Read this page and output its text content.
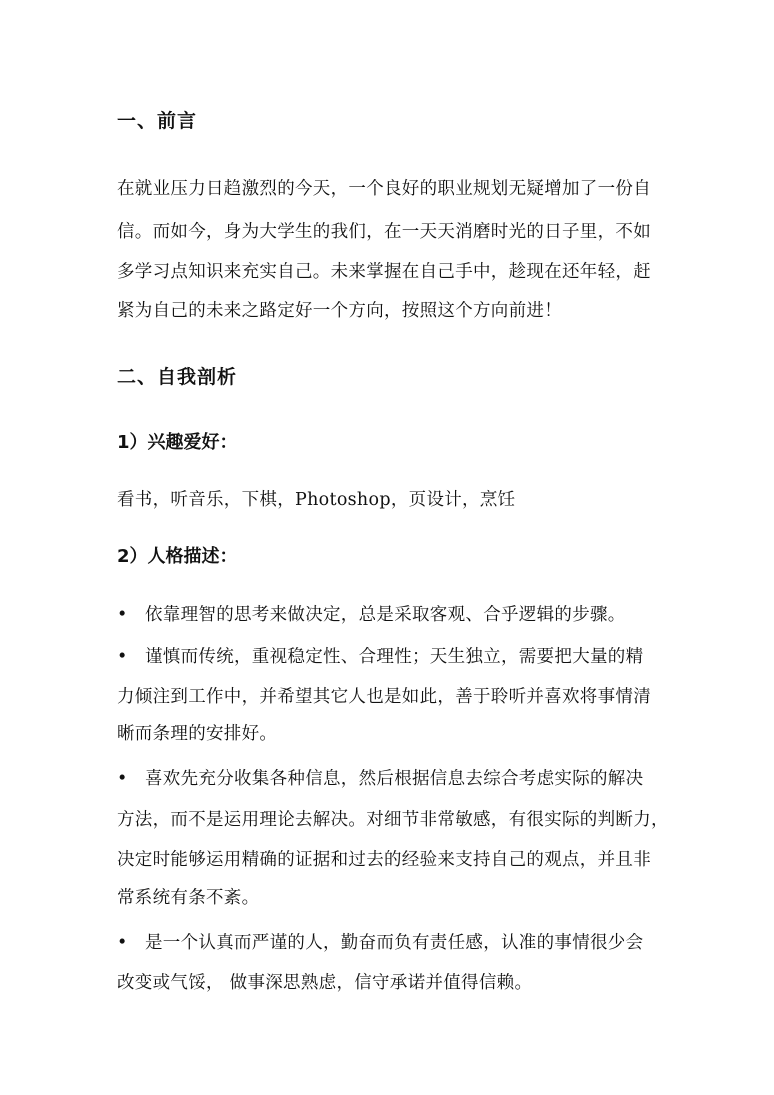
一、前言
在就业压力日趋激烈的今天，一个良好的职业规划无疑增加了一份自
信。而如今，身为大学生的我们，在一天天消磨时光的日子里，不如
多学习点知识来充实自己。未来掌握在自己手中，趁现在还年轻，赶
紧为自己的未来之路定好一个方向，按照这个方向前进！
二、自我剖析
1）兴趣爱好：
看书，听音乐，下棋，Photoshop，页设计，烹饪
2）人格描述：
• 依靠理智的思考来做决定，总是采取客观、合乎逻辑的步骤。
• 谨慎而传统，重视稳定性、合理性；天生独立，需要把大量的精
力倾注到工作中，并希望其它人也是如此，善于聆听并喜欢将事情清
晰而条理的安排好。
• 喜欢先充分收集各种信息，然后根据信息去综合考虑实际的解决
方法，而不是运用理论去解决。对细节非常敏感，有很实际的判断力，
决定时能够运用精确的证据和过去的经验来支持自己的观点，并且非
常系统有条不紊。
• 是一个认真而严谨的人，勤奋而负有责任感，认准的事情很少会
改变或气馁， 做事深思熟虑，信守承诺并值得信赖。
